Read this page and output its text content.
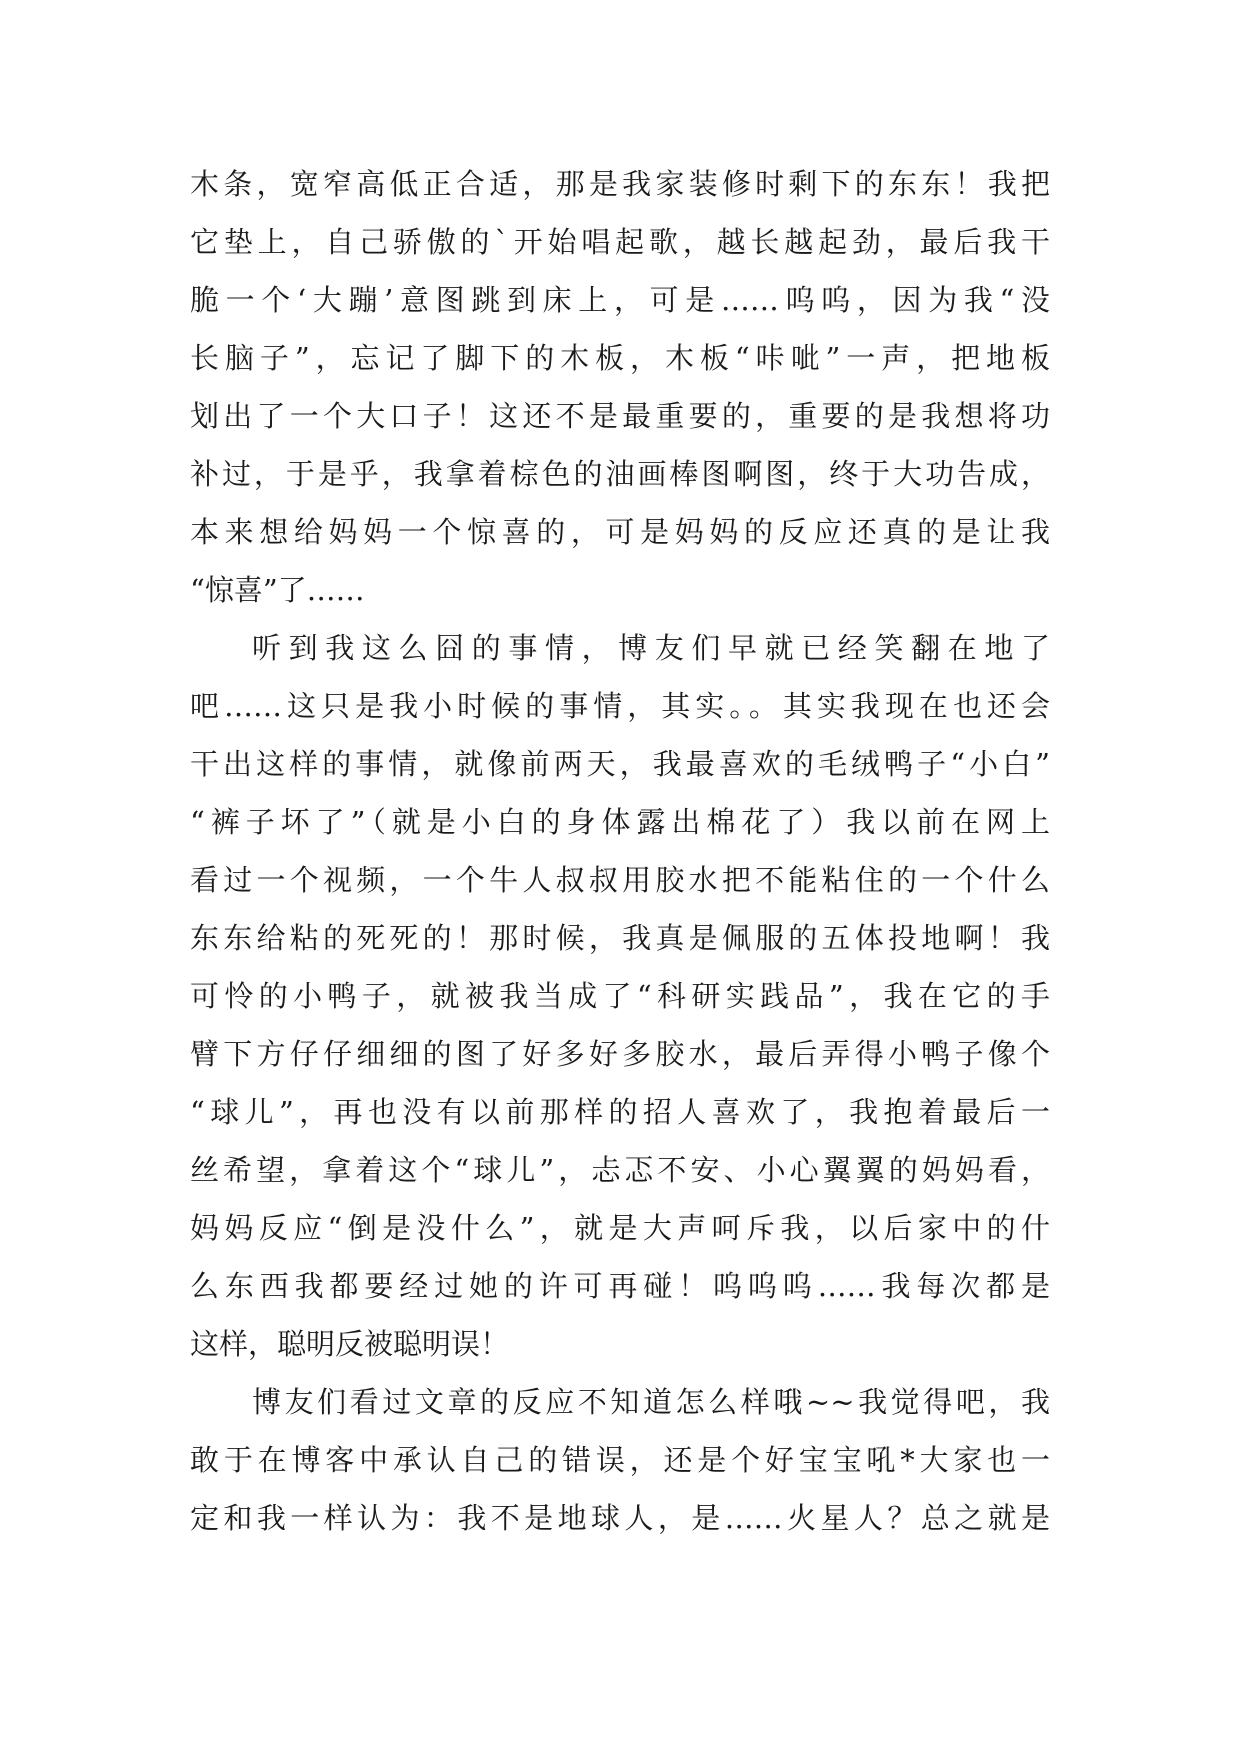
木条，宽窄高低正合适，那是我家装修时剩下的东东！我把
它垫上，自己骄傲的`开始唱起歌，越长越起劲，最后我干
脆一个‘大蹦’意图跳到床上，可是……呜呜，因为我“没
长脑子”，忘记了脚下的木板，木板“咔呲”一声，把地板
划出了一个大口子！这还不是最重要的，重要的是我想将功
补过，于是乎，我拿着棕色的油画棒图啊图，终于大功告成，
本来想给妈妈一个惊喜的，可是妈妈的反应还真的是让我
“惊喜”了……
听到我这么囧的事情，博友们早就已经笑翻在地了
吧……这只是我小时候的事情，其实。。其实我现在也还会
干出这样的事情，就像前两天，我最喜欢的毛绒鸭子“小白”
“裤子坏了”（就是小白的身体露出棉花了）我以前在网上
看过一个视频，一个牛人叔叔用胶水把不能粘住的一个什么
东东给粘的死死的！那时候，我真是佩服的五体投地啊！我
可怜的小鸭子，就被我当成了“科研实践品”，我在它的手
臂下方仔仔细细的图了好多好多胶水，最后弄得小鸭子像个
“球儿”，再也没有以前那样的招人喜欢了，我抱着最后一
丝希望，拿着这个“球儿”，忐忑不安、小心翼翼的妈妈看，
妈妈反应“倒是没什么”，就是大声呵斥我，以后家中的什
么东西我都要经过她的许可再碰！呜呜呜……我每次都是
这样，聪明反被聪明误！
博友们看过文章的反应不知道怎么样哦~~我觉得吧，我
敢于在博客中承认自己的错误，还是个好宝宝吼*大家也一
定和我一样认为：我不是地球人，是……火星人？总之就是
